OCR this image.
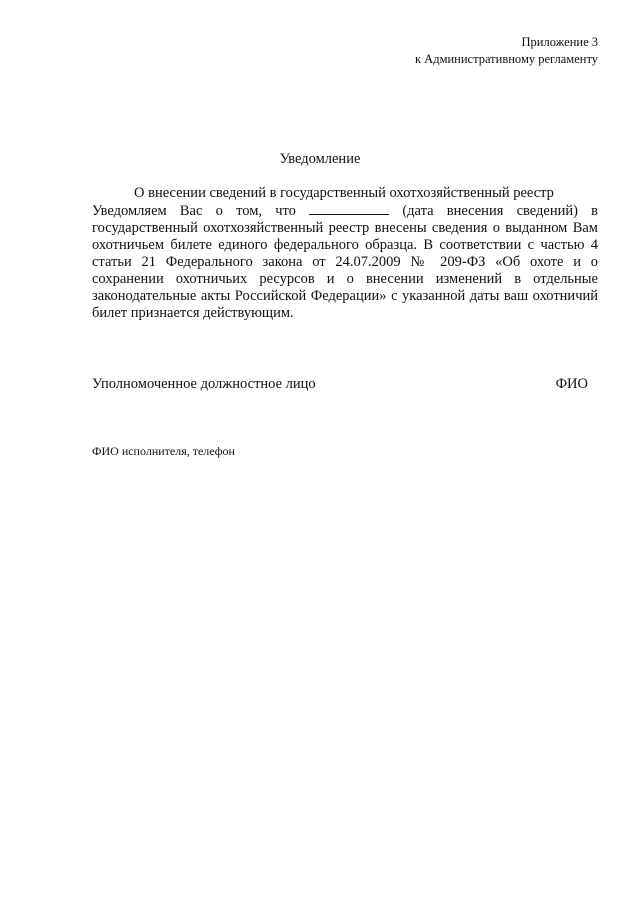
Приложение 3
к Административному регламенту
Уведомление

О внесении сведений в государственный охотхозяйственный реестр

Уведомляем Вас о том, что	(дата внесения сведений) в государственный охотхозяйственный реестр внесены сведения о выданном Вам охотничьем билете единого федерального образца. В соответствии с частью 4 статьи 21 Федерального закона от 24.07.2009 № 209-ФЗ «Об охоте и о сохранении охотничьих ресурсов и о внесении изменений в отдельные законодательные акты Российской Федерации» с указанной даты ваш охотничий билет признается действующим.

Уполномоченное должностное лицо	ФИО
ФИО исполнителя, телефон
